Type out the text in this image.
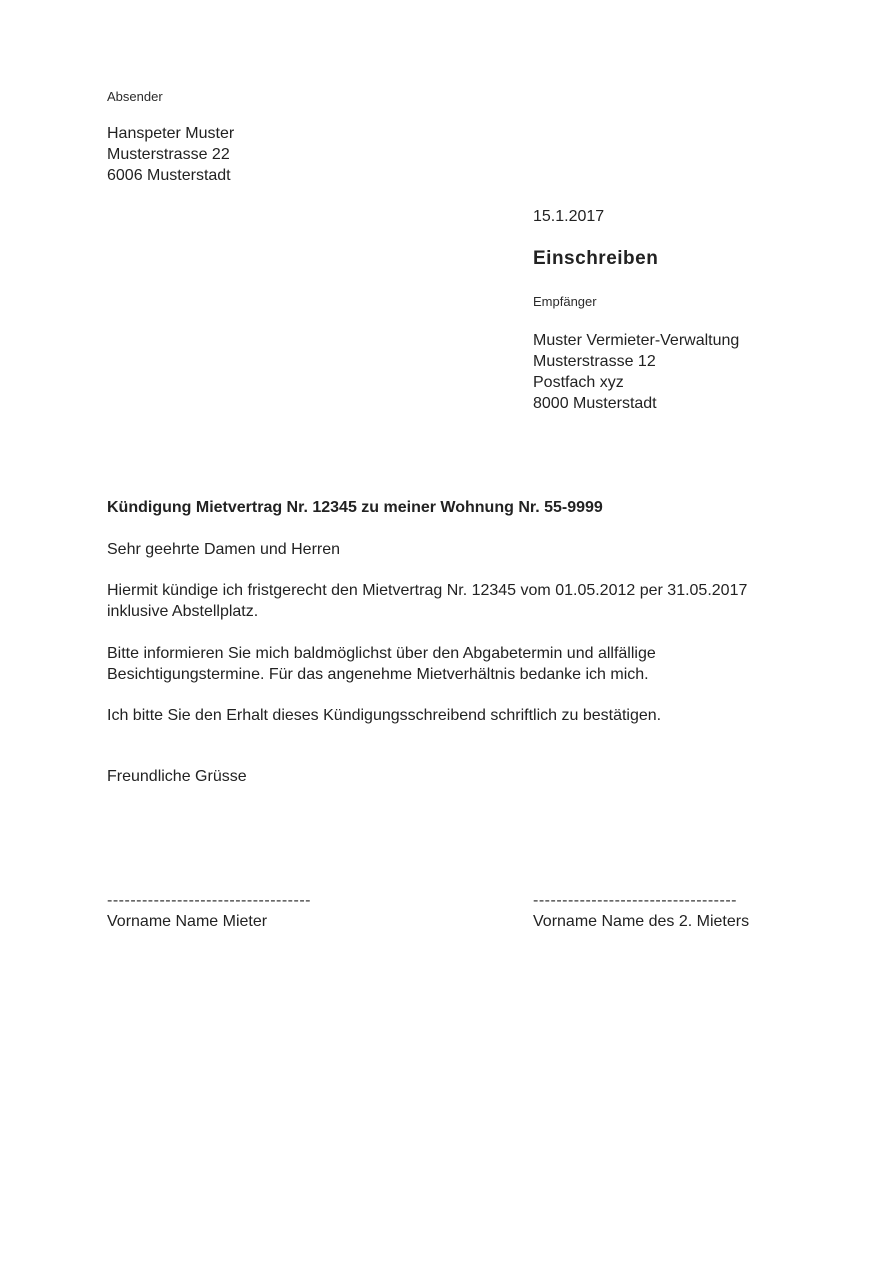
Absender
Hanspeter Muster
Musterstrasse 22
6006 Musterstadt
15.1.2017
Einschreiben
Empfänger
Muster Vermieter-Verwaltung
Musterstrasse 12
Postfach xyz
8000 Musterstadt
Kündigung Mietvertrag Nr. 12345 zu meiner Wohnung Nr. 55-9999
Sehr geehrte Damen und Herren

Hiermit kündige ich fristgerecht den Mietvertrag Nr. 12345 vom 01.05.2012 per 31.05.2017 inklusive Abstellplatz.

Bitte informieren Sie mich baldmöglichst über den Abgabetermin und allfällige Besichtigungstermine. Für das angenehme Mietverhältnis bedanke ich mich.

Ich bitte Sie den Erhalt dieses Kündigungsschreibend schriftlich zu bestätigen.

Freundliche Grüsse
-----------------------------------
Vorname Name Mieter
-----------------------------------
Vorname Name des 2. Mieters
